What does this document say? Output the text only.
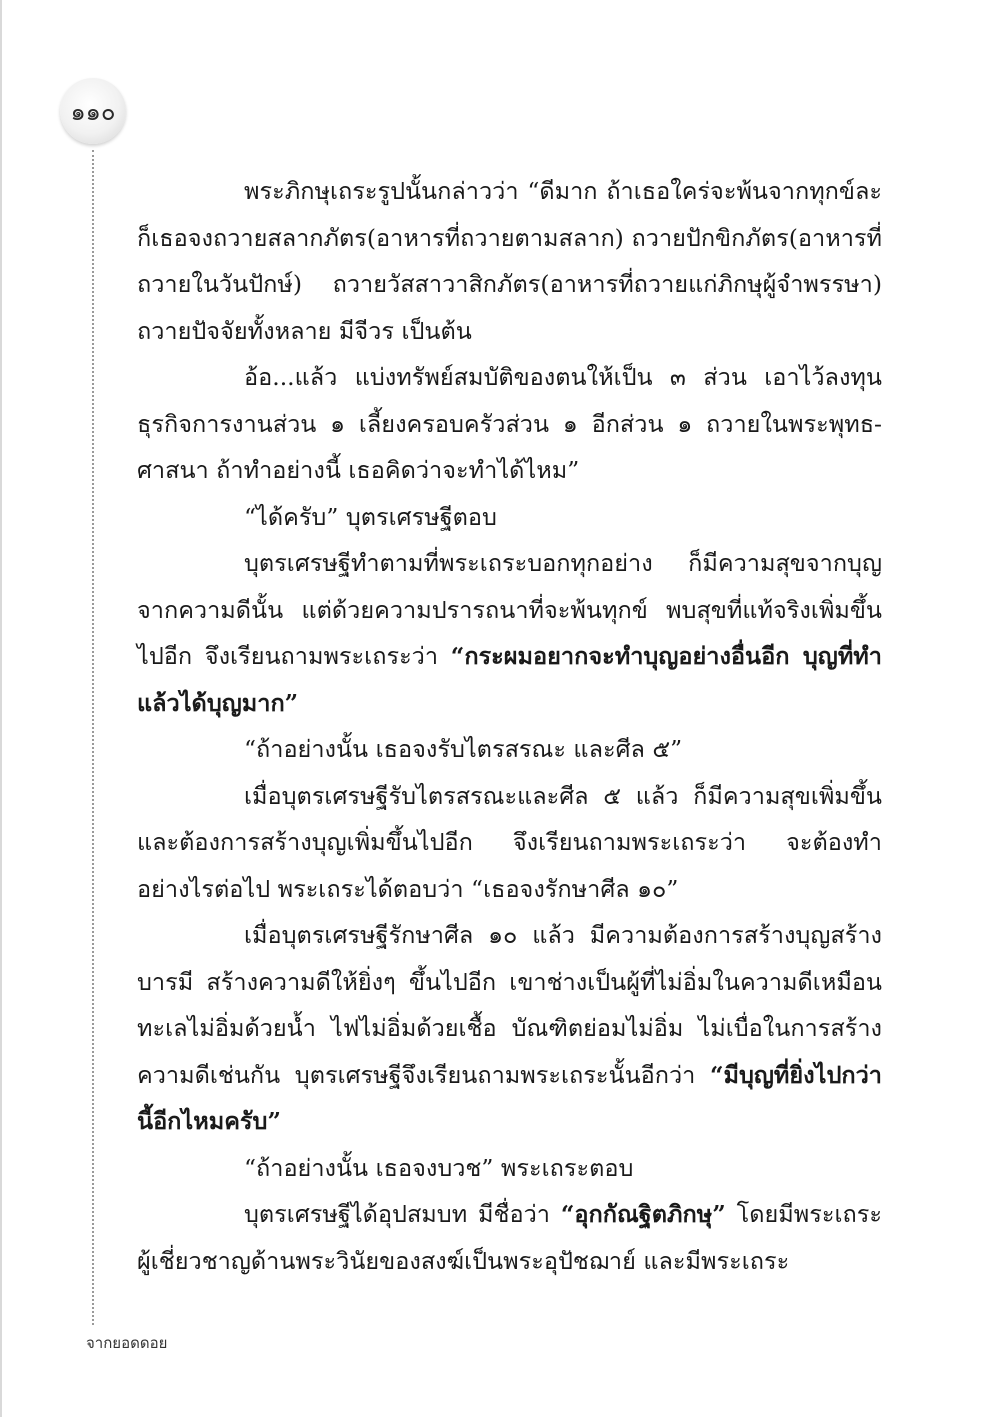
๑๑๐

พระภิกษุเถระรูปนั้นกล่าวว่า “ดีมาก ถ้าเธอใคร่จะพ้นจากทุกข์ละก็เธอจงถวายสลากภัตร(อาหารที่ถวายตามสลาก) ถวายปักขิกภัตร(อาหารที่ถวายในวันปักษ์) ถวายวัสสาวาสิกภัตร(อาหารที่ถวายแก่ภิกษุผู้จำพรรษา) ถวายปัจจัยทั้งหลาย มีจีวร เป็นต้น

อ้อ...แล้ว แบ่งทรัพย์สมบัติของตนให้เป็น ๓ ส่วน เอาไว้ลงทุนธุรกิจการงานส่วน ๑ เลี้ยงครอบครัวส่วน ๑ อีกส่วน ๑ ถวายในพระพุทธ-ศาสนา ถ้าทำอย่างนี้ เธอคิดว่าจะทำได้ไหม”

“ได้ครับ” บุตรเศรษฐีตอบ

บุตรเศรษฐีทำตามที่พระเถระบอกทุกอย่าง ก็มีความสุขจากบุญจากความดีนั้น แต่ด้วยความปรารถนาที่จะพ้นทุกข์ พบสุขที่แท้จริงเพิ่มขึ้นไปอีก จึงเรียนถามพระเถระว่า “กระผมอยากจะทำบุญอย่างอื่นอีก บุญที่ทำแล้วได้บุญมาก”

“ถ้าอย่างนั้น เธอจงรับไตรสรณะ และศีล ๕”

เมื่อบุตรเศรษฐีรับไตรสรณะและศีล ๕ แล้ว ก็มีความสุขเพิ่มขึ้นและต้องการสร้างบุญเพิ่มขึ้นไปอีก จึงเรียนถามพระเถระว่า จะต้องทำอย่างไรต่อไป พระเถระได้ตอบว่า “เธอจงรักษาศีล ๑๐”

เมื่อบุตรเศรษฐีรักษาศีล ๑๐ แล้ว มีความต้องการสร้างบุญสร้างบารมี สร้างความดีให้ยิ่งๆ ขึ้นไปอีก เขาช่างเป็นผู้ที่ไม่อิ่มในความดีเหมือนทะเลไม่อิ่มด้วยน้ำ ไฟไม่อิ่มด้วยเชื้อ บัณฑิตย่อมไม่อิ่ม ไม่เบื่อในการสร้างความดีเช่นกัน บุตรเศรษฐีจึงเรียนถามพระเถระนั้นอีกว่า “มีบุญที่ยิ่งไปกว่านี้อีกไหมครับ”

“ถ้าอย่างนั้น เธอจงบวช” พระเถระตอบ

บุตรเศรษฐีได้อุปสมบท มีชื่อว่า “อุกกัณฐิตภิกษุ” โดยมีพระเถระผู้เชี่ยวชาญด้านพระวินัยของสงฆ์เป็นพระอุปัชฌาย์ และมีพระเถระ

จากยอดดอย
